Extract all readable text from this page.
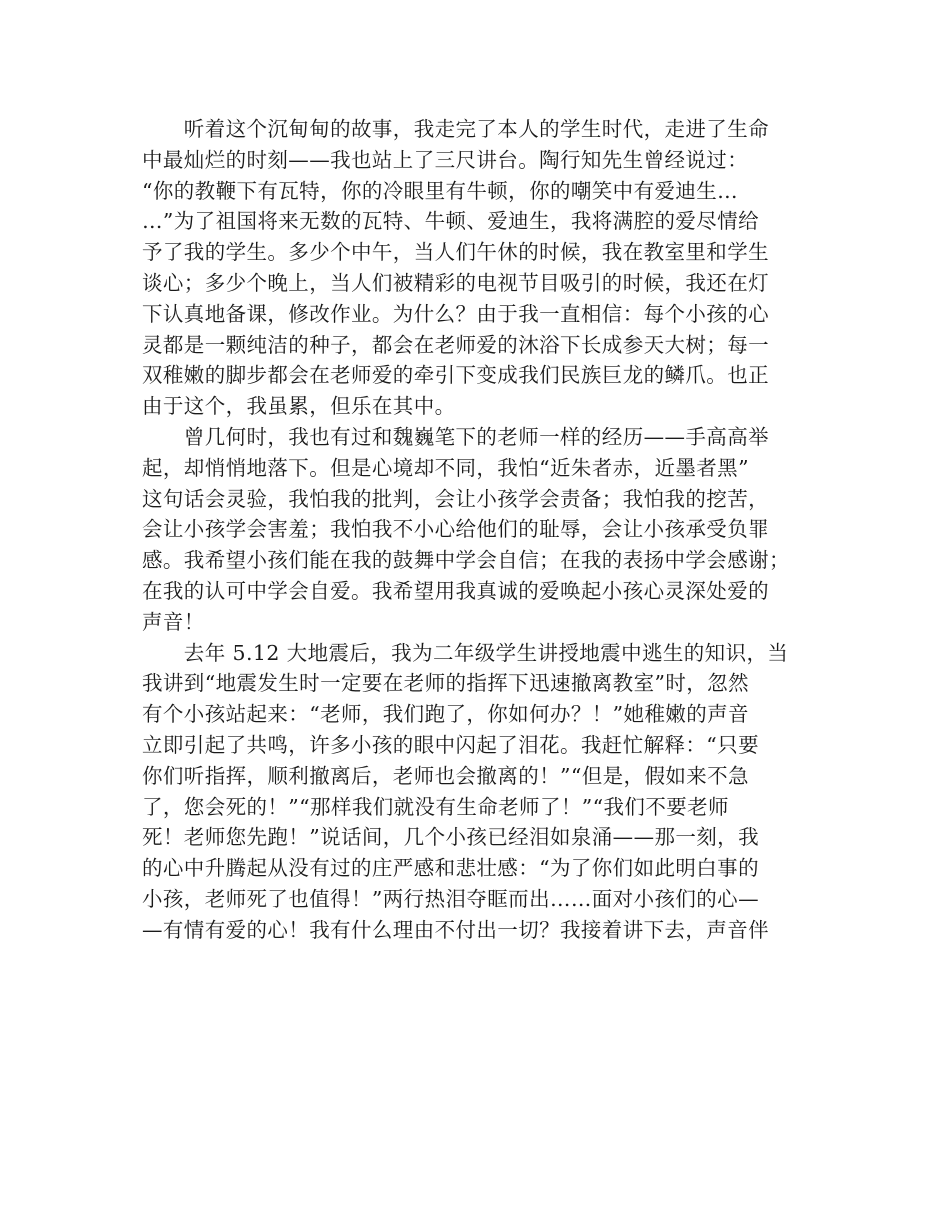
　　听着这个沉甸甸的故事，我走完了本人的学生时代，走进了生命
中最灿烂的时刻——我也站上了三尺讲台。陶行知先生曾经说过：
“你的教鞭下有瓦特，你的冷眼里有牛顿，你的嘲笑中有爱迪生…
…”为了祖国将来无数的瓦特、牛顿、爱迪生，我将满腔的爱尽情给
予了我的学生。多少个中午，当人们午休的时候，我在教室里和学生
谈心；多少个晚上，当人们被精彩的电视节目吸引的时候，我还在灯
下认真地备课，修改作业。为什么？由于我一直相信：每个小孩的心
灵都是一颗纯洁的种子，都会在老师爱的沐浴下长成参天大树；每一
双稚嫩的脚步都会在老师爱的牵引下变成我们民族巨龙的鳞爪。也正
由于这个，我虽累，但乐在其中。
　　曾几何时，我也有过和魏巍笔下的老师一样的经历——手高高举
起，却悄悄地落下。但是心境却不同，我怕“近朱者赤，近墨者黑”
这句话会灵验，我怕我的批判，会让小孩学会责备；我怕我的挖苦，
会让小孩学会害羞；我怕我不小心给他们的耻辱，会让小孩承受负罪
感。我希望小孩们能在我的鼓舞中学会自信；在我的表扬中学会感谢；
在我的认可中学会自爱。我希望用我真诚的爱唤起小孩心灵深处爱的
声音！
　　去年 5.12 大地震后，我为二年级学生讲授地震中逃生的知识，当
我讲到“地震发生时一定要在老师的指挥下迅速撤离教室”时，忽然
有个小孩站起来：“老师，我们跑了，你如何办？！”她稚嫩的声音
立即引起了共鸣，许多小孩的眼中闪起了泪花。我赶忙解释：“只要
你们听指挥，顺利撤离后，老师也会撤离的！”“但是，假如来不急
了，您会死的！”“那样我们就没有生命老师了！”“我们不要老师
死！老师您先跑！”说话间，几个小孩已经泪如泉涌——那一刻，我
的心中升腾起从没有过的庄严感和悲壮感：“为了你们如此明白事的
小孩，老师死了也值得！”两行热泪夺眶而出……面对小孩们的心—
—有情有爱的心！我有什么理由不付出一切？我接着讲下去，声音伴
